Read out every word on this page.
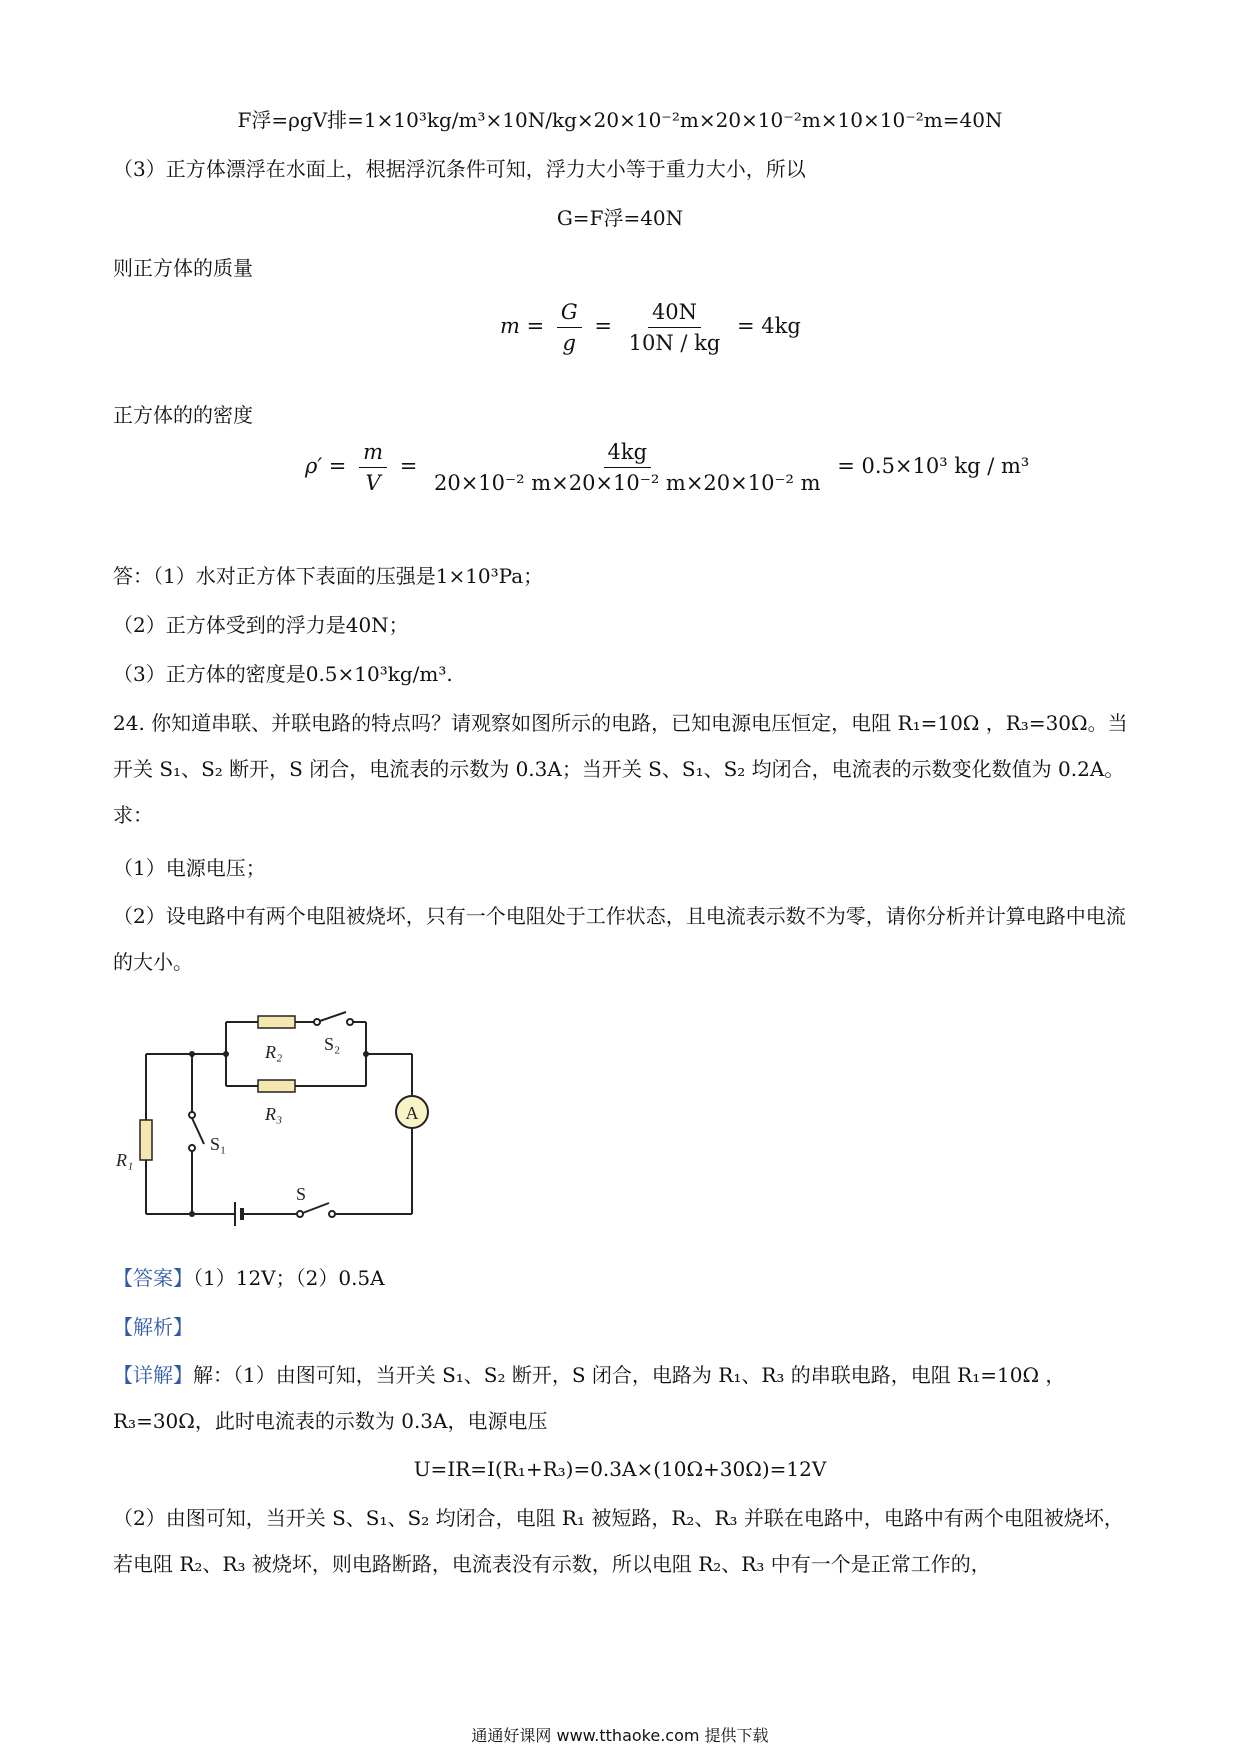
F浮=ρgV排=1×10³kg/m³×10N/kg×20×10⁻²m×20×10⁻²m×10×10⁻²m=40N
（3）正方体漂浮在水面上，根据浮沉条件可知，浮力大小等于重力大小，所以
G=F浮=40N
则正方体的质量
$m = \frac{G}{g} = \frac{40N}{10N / kg} = 4kg$
正方体的的密度
$\rho' = \frac{m}{V} = \frac{4kg}{\text{20×10⁻² m×20×10⁻² m×20×10⁻² m}} = 0.5\times 10^3$ kg / m³
答：（1）水对正方体下表面的压强是1×10³Pa；
（2）正方体受到的浮力是40N；
（3）正方体的密度是0.5×10³kg/m³.
24. 你知道串联、并联电路的特点吗？请观察如图所示的电路，已知电源电压恒定，电阻 R₁=10Ω ，R₃=30Ω。当开关 S₁、S₂ 断开，S 闭合，电流表的示数为 0.3A；当开关 S、S₁、S₂ 均闭合，电流表的示数变化数值为 0.2A。求：
（1）电源电压；
（2）设电路中有两个电阻被烧坏，只有一个电阻处于工作状态，且电流表示数不为零，请你分析并计算电路中电流的大小。
A
R₁
R₂
R₃
S₂
S₁
S
【答案】（1）12V；（2）0.5A
【解析】
【详解】解：（1）由图可知，当开关 S₁、S₂ 断开，S 闭合，电路为 R₁、R₃ 的串联电路，电阻 R₁=10Ω ，R₃=30Ω，此时电流表的示数为 0.3A，电源电压
U=IR=I(R₁+R₃)=0.3A×(10Ω+30Ω)=12V
（2）由图可知，当开关 S、S₁、S₂ 均闭合，电阻 R₁ 被短路，R₂、R₃ 并联在电路中，电路中有两个电阻被烧坏，若电阻 R₂、R₃ 被烧坏，则电路断路，电流表没有示数，所以电阻 R₂、R₃ 中有一个是正常工作的，
通通好课网 www.tthaoke.com 提供下载
